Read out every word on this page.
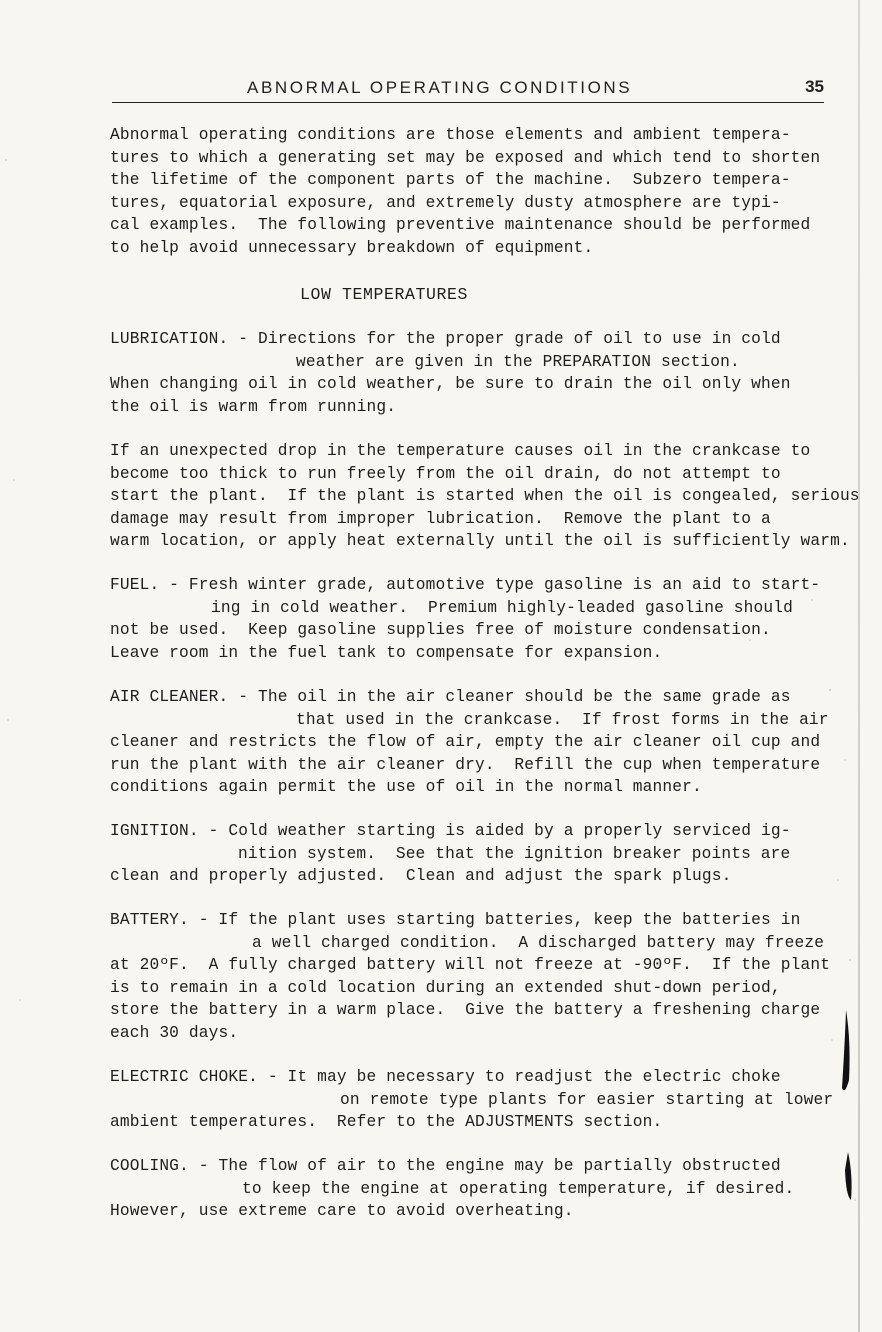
ABNORMAL OPERATING CONDITIONS	35
Abnormal operating conditions are those elements and ambient tempera-
tures to which a generating set may be exposed and which tend to shorten
the lifetime of the component parts of the machine.  Subzero tempera-
tures, equatorial exposure, and extremely dusty atmosphere are typi-
cal examples.  The following preventive maintenance should be performed
to help avoid unnecessary breakdown of equipment.
LOW TEMPERATURES
LUBRICATION. - Directions for the proper grade of oil to use in cold
weather are given in the PREPARATION section.
When changing oil in cold weather, be sure to drain the oil only when
the oil is warm from running.
If an unexpected drop in the temperature causes oil in the crankcase to
become too thick to run freely from the oil drain, do not attempt to
start the plant.  If the plant is started when the oil is congealed, serious
damage may result from improper lubrication.  Remove the plant to a
warm location, or apply heat externally until the oil is sufficiently warm.
FUEL. - Fresh winter grade, automotive type gasoline is an aid to start-
ing in cold weather.  Premium highly-leaded gasoline should
not be used.  Keep gasoline supplies free of moisture condensation.
Leave room in the fuel tank to compensate for expansion.
AIR CLEANER. - The oil in the air cleaner should be the same grade as
that used in the crankcase.  If frost forms in the air
cleaner and restricts the flow of air, empty the air cleaner oil cup and
run the plant with the air cleaner dry.  Refill the cup when temperature
conditions again permit the use of oil in the normal manner.
IGNITION. - Cold weather starting is aided by a properly serviced ig-
nition system.  See that the ignition breaker points are
clean and properly adjusted.  Clean and adjust the spark plugs.
BATTERY. - If the plant uses starting batteries, keep the batteries in
a well charged condition.  A discharged battery may freeze
at 20ºF.  A fully charged battery will not freeze at -90ºF.  If the plant
is to remain in a cold location during an extended shut-down period,
store the battery in a warm place.  Give the battery a freshening charge
each 30 days.
ELECTRIC CHOKE. - It may be necessary to readjust the electric choke
on remote type plants for easier starting at lower
ambient temperatures.  Refer to the ADJUSTMENTS section.
COOLING. - The flow of air to the engine may be partially obstructed
to keep the engine at operating temperature, if desired.
However, use extreme care to avoid overheating.
